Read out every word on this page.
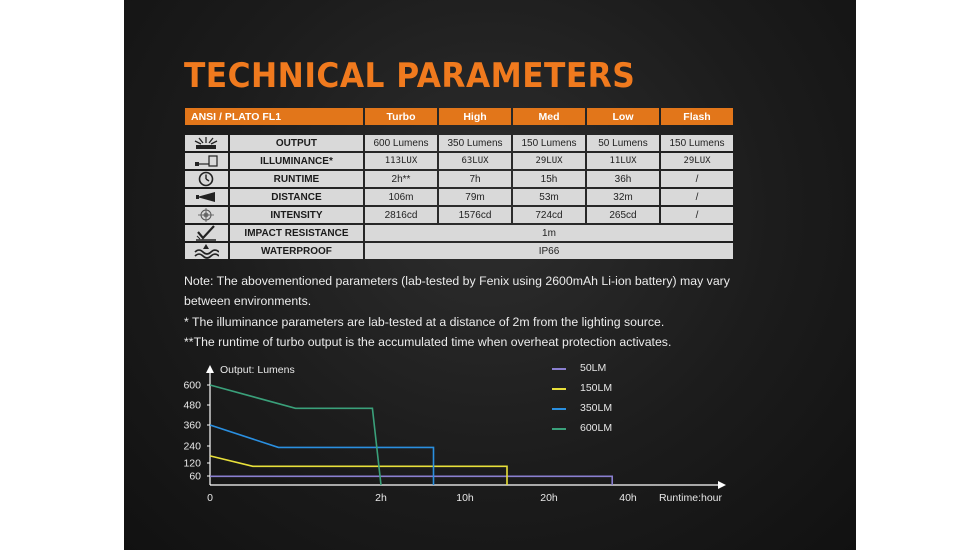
TECHNICAL PARAMETERS
ANSI / PLATO FL1		Turbo	High	Med	Low	Flash

	OUTPUT	600 Lumens	350 Lumens	150 Lumens	50 Lumens	150 Lumens

	ILLUMINANCE*	113LUX	63LUX	29LUX	11LUX	29LUX

	RUNTIME	2h**	7h	15h	36h	/

	DISTANCE	106m	79m	53m	32m	/

	INTENSITY	2816cd	1576cd	724cd	265cd	/

	IMPACT RESISTANCE	1m				

	WATERPROOF	IP66				

Note: The abovementioned parameters (lab-tested by Fenix using 2600mAh Li-ion battery) may vary

between environments.

* The illuminance parameters are lab-tested at a distance of 2m from the lighting source.

**The runtime of turbo output is the accumulated time when overheat protection activates.

60
120
240
360
480
600
0	2h	10h	20h	40h
Output: Lumens
Runtime:hour
50LM
150LM
350LM
600LM
